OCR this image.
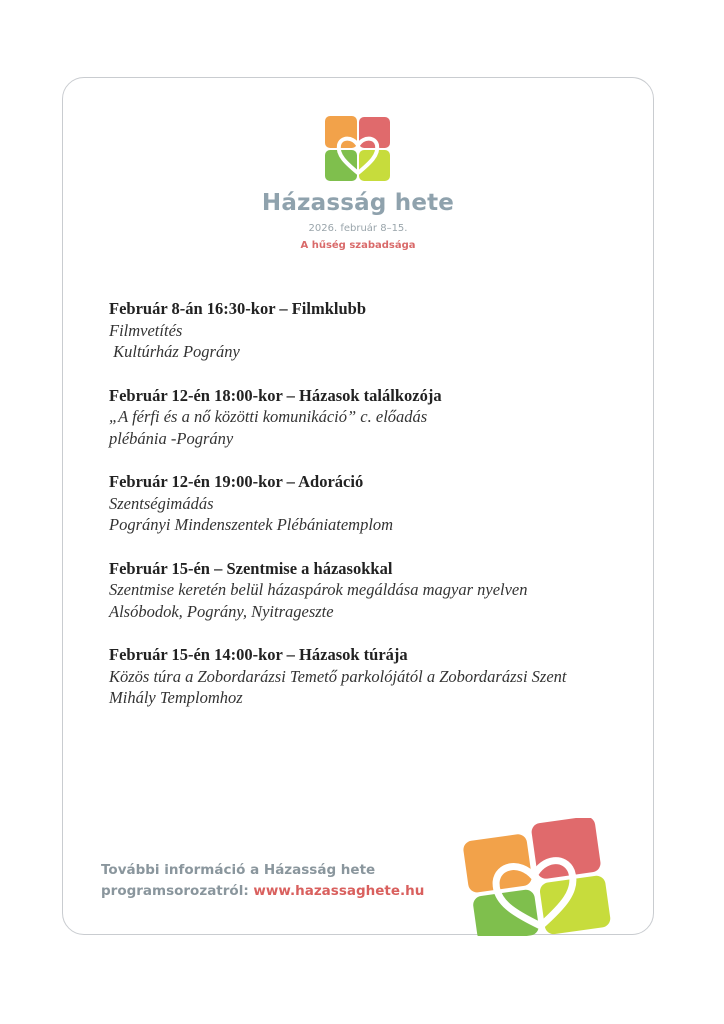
Házasság hete
2026. február 8–15.
A hűség szabadsága
Február 8-án 16:30-kor – Filmklubb
Filmvetítés
Kultúrház Pográny
Február 12-én 18:00-kor – Házasok találkozója
„A férfi és a nő közötti komunikáció” c. előadás
plébánia -Pográny
Február 12-én 19:00-kor – Adoráció
Szentségimádás
Pogrányi Mindenszentek Plébániatemplom
Február 15-én – Szentmise a házasokkal
Szentmise keretén belül házaspárok megáldása magyar nyelven
Alsóbodok, Pográny, Nyitrageszte
Február 15-én 14:00-kor – Házasok túrája
Közös túra a Zobordarázsi Temető parkolójától a Zobordarázsi Szent
Mihály Templomhoz
További információ a Házasság hete
programsorozatról: www.hazassaghete.hu
